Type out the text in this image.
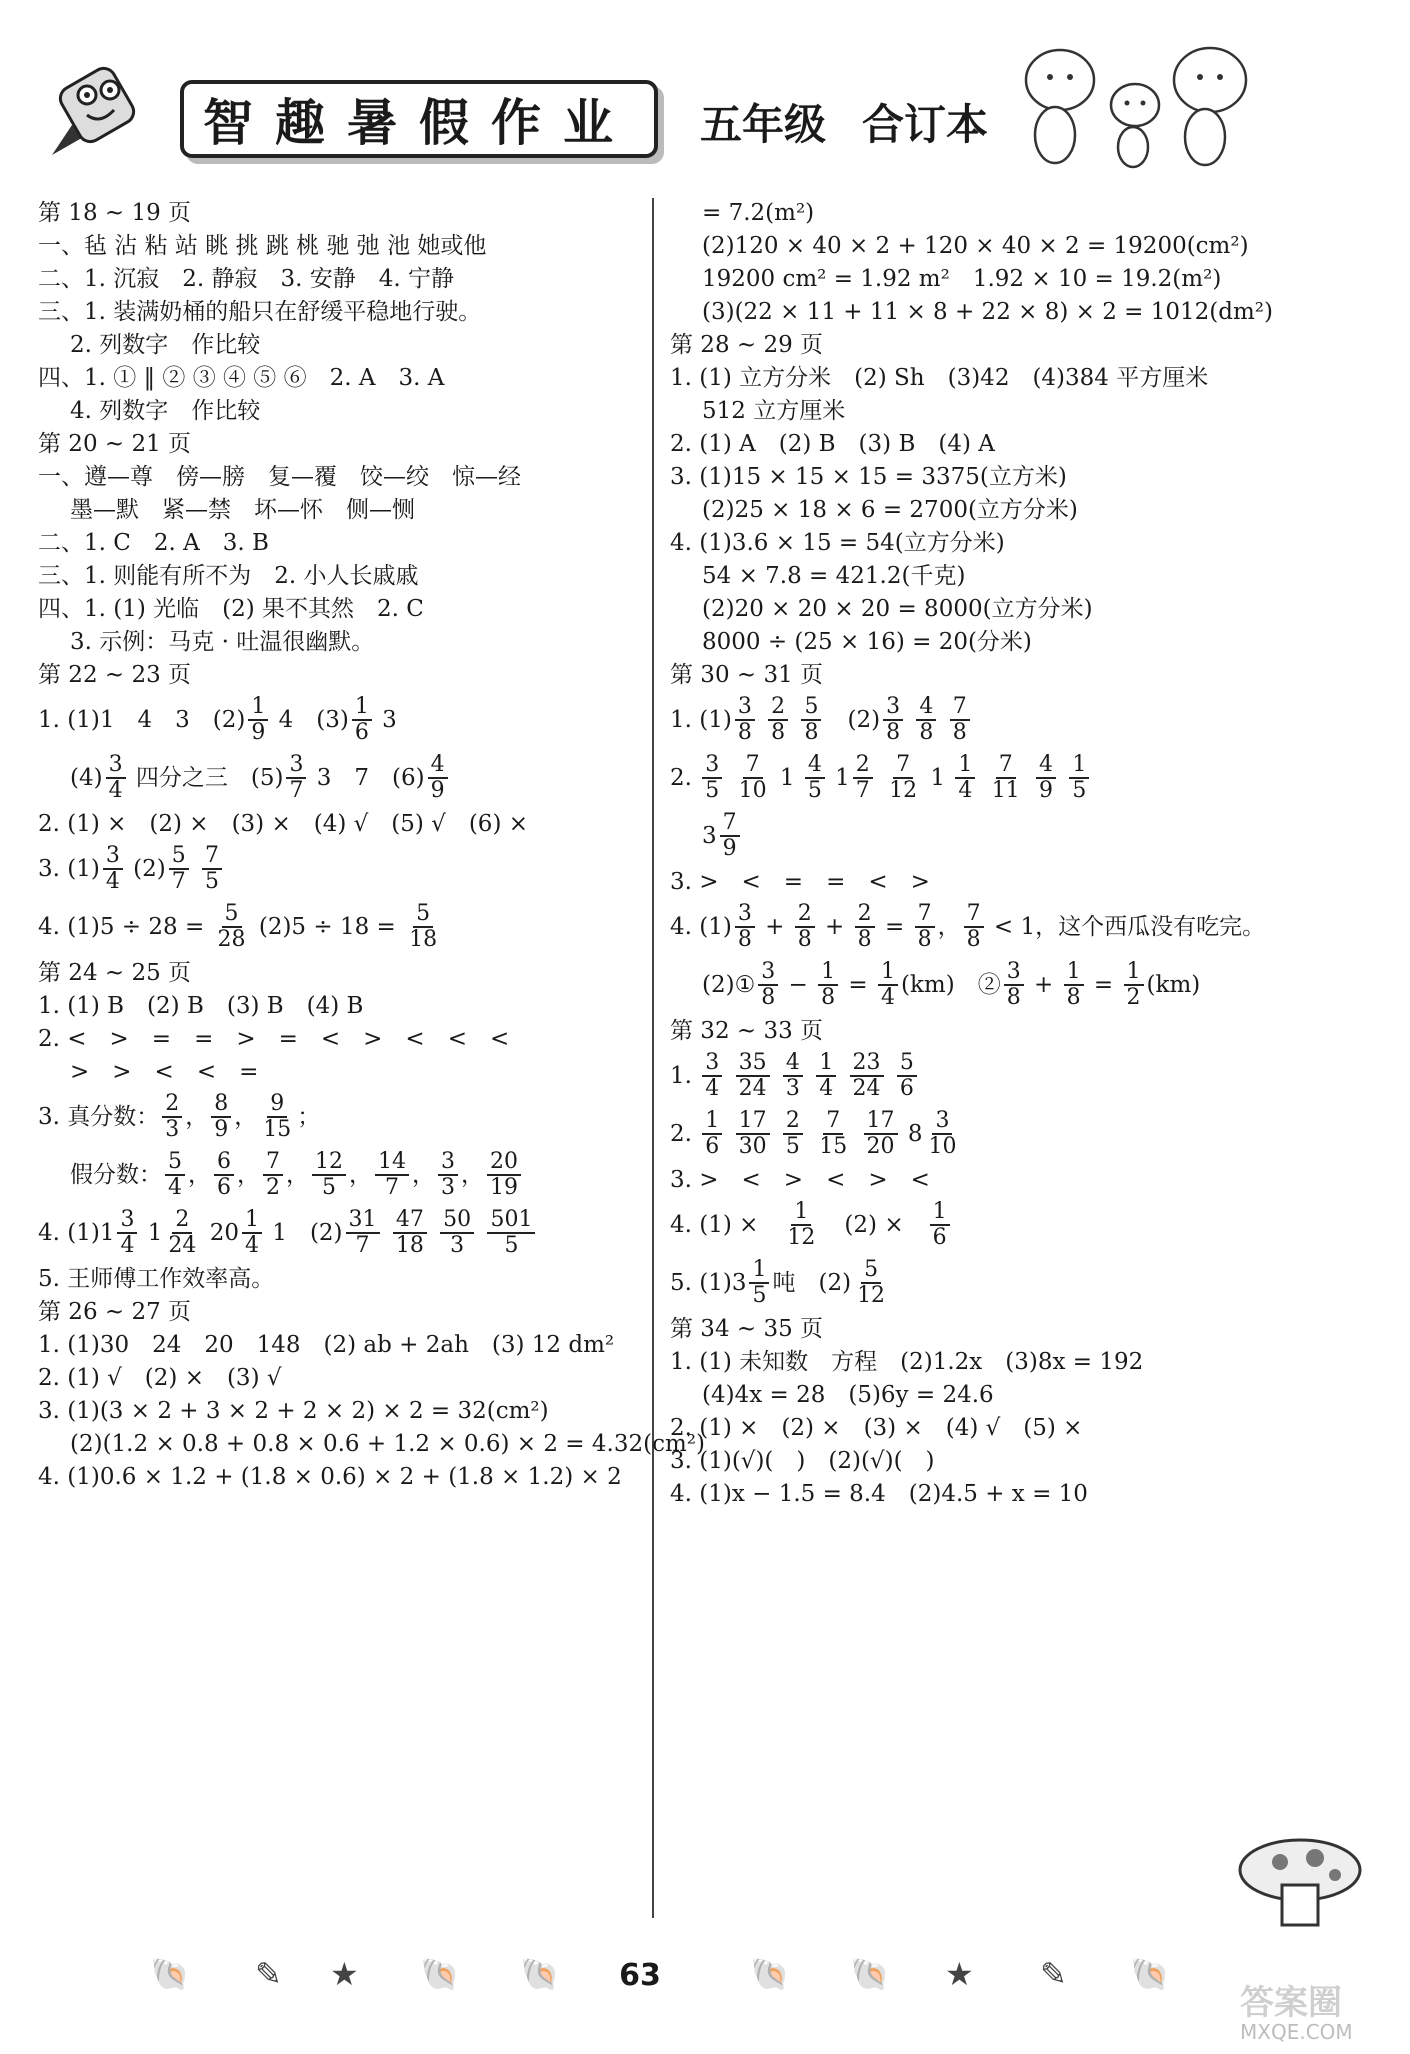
智趣暑假作业 五年级 合订本
第 18 ~ 19 页
一、毡 沾 粘 站 眺 挑 跳 桃 驰 弛 池 她或他
二、1. 沉寂　2. 静寂　3. 安静　4. 宁静
三、1. 装满奶桶的船只在舒缓平稳地行驶。
2. 列数字　作比较
四、1. ① ‖ ② ③ ④ ⑤ ⑥　2. A　3. A
4. 列数字　作比较
第 20 ~ 21 页
一、遵—尊　傍—膀　复—覆　饺—绞　惊—经
墨—默　紧—禁　坏—怀　侧—恻
二、1. C　2. A　3. B
三、1. 则能有所不为　2. 小人长戚戚
四、1. (1) 光临　(2) 果不其然　2. C
3. 示例：马克 · 吐温很幽默。
第 22 ~ 23 页
1. (1)1　4　3　$(2) \frac{1}{9} 4$　$(3) \frac{1}{6} 3$
$(4) \frac{3}{4}$ 四分之三　$(5) \frac{3}{7} 3$　7　$(6) \frac{4}{9}$
2. (1) ×　(2) ×　(3) ×　(4) √　(5) √　(6) ×
3. $(1) \frac{3}{4} (2) \frac{5}{7}$
$\frac{7}{5}$
4. $(1)5 \div 28 = \frac{5}{28} (2)5 \div 18 = \frac{5}{18}$
第 24 ~ 25 页
1. (1) B　(2) B　(3) B　(4) B
2. <　>　=　=　>　=　<　>　<　<　<
>　>　<　<　=
3. 真分数： $\frac{2}{3}$ ， $\frac{8}{9}$ ， $\frac{9}{15}$ ；
假分数： $\frac{5}{4}$ ， $\frac{6}{6}$ ， $\frac{7}{2}$ ， $\frac{12}{5}$ ， $\frac{14}{7}$ ， $\frac{3}{3}$ ， $\frac{20}{19}$
4. $(1)1 \frac{3}{4} 1 \frac{2}{24} 20 \frac{1}{4} 1$　$(2) \frac{31}{7}$
$\frac{47}{18}$
$\frac{50}{3}$
$\frac{501}{5}$
5. 王师傅工作效率高。
第 26 ~ 27 页
1. (1)30　24　20　148　(2) ab + 2ah　(3) 12 dm²
2. (1) √　(2) ×　(3) √
3. (1)(3 × 2 + 3 × 2 + 2 × 2) × 2 = 32(cm²)
(2)(1.2 × 0.8 + 0.8 × 0.6 + 1.2 × 0.6) × 2 = 4.32(cm²)
4. (1)0.6 × 1.2 + (1.8 × 0.6) × 2 + (1.8 × 1.2) × 2
= 7.2(m²)
(2)120 × 40 × 2 + 120 × 40 × 2 = 19200(cm²)
19200 cm² = 1.92 m²　1.92 × 10 = 19.2(m²)
(3)(22 × 11 + 11 × 8 + 22 × 8) × 2 = 1012(dm²)
第 28 ~ 29 页
1. (1) 立方分米　(2) Sh　(3)42　(4)384 平方厘米
512 立方厘米
2. (1) A　(2) B　(3) B　(4) A
3. (1)15 × 15 × 15 = 3375(立方米)
(2)25 × 18 × 6 = 2700(立方分米)
4. (1)3.6 × 15 = 54(立方分米)
54 × 7.8 = 421.2(千克)
(2)20 × 20 × 20 = 8000(立方分米)
8000 ÷ (25 × 16) = 20(分米)
第 30 ~ 31 页
1. $(1) \frac{3}{8}$
$\frac{2}{8}$
$\frac{5}{8}$ 　$(2) \frac{3}{8}$
$\frac{4}{8}$
$\frac{7}{8}$
2. $\frac{3}{5}$
$\frac{7}{10} 1 \frac{4}{5} 1 \frac{2}{7}$
$\frac{7}{12} 1 \frac{1}{4}$
$\frac{7}{11}$
$\frac{4}{9}$
$\frac{1}{5}$
$3 \frac{7}{9}$
3. >　<　=　=　<　>
4. $(1) \frac{3}{8} + \frac{2}{8} + \frac{2}{8} = \frac{7}{8}$ ， $\frac{7}{8} < 1$，这个西瓜没有吃完。
(2)① $\frac{3}{8} - \frac{1}{8} = \frac{1}{4} (km)$　② $\frac{3}{8} + \frac{1}{8} = \frac{1}{2} (km)$
第 32 ~ 33 页
1. $\frac{3}{4}$
$\frac{35}{24}$
$\frac{4}{3}$
$\frac{1}{4}$
$\frac{23}{24}$
$\frac{5}{6}$
2. $\frac{1}{6}$
$\frac{17}{30}$
$\frac{2}{5}$
$\frac{7}{15}$
$\frac{17}{20} 8 \frac{3}{10}$
3. >　<　>　<　>　<
4. (1) ×　 $\frac{1}{12}$ 　(2) ×　 $\frac{1}{6}$
5. $(1)3 \frac{1}{5}$ 吨　$(2) \frac{5}{12}$
第 34 ~ 35 页
1. (1) 未知数　方程　(2)1.2x　(3)8x = 192
(4)4x = 28　(5)6y = 24.6
2. (1) ×　(2) ×　(3) ×　(4) √　(5) ×
3. (1)(√)(　)　(2)(√)(　)
4. (1)x − 1.5 = 8.4　(2)4.5 + x = 10
🐚 ✎ ★ 🐚 🐚	63	🐚 🐚 ★ ✎ 🐚
答案圈
MXQE.COM
